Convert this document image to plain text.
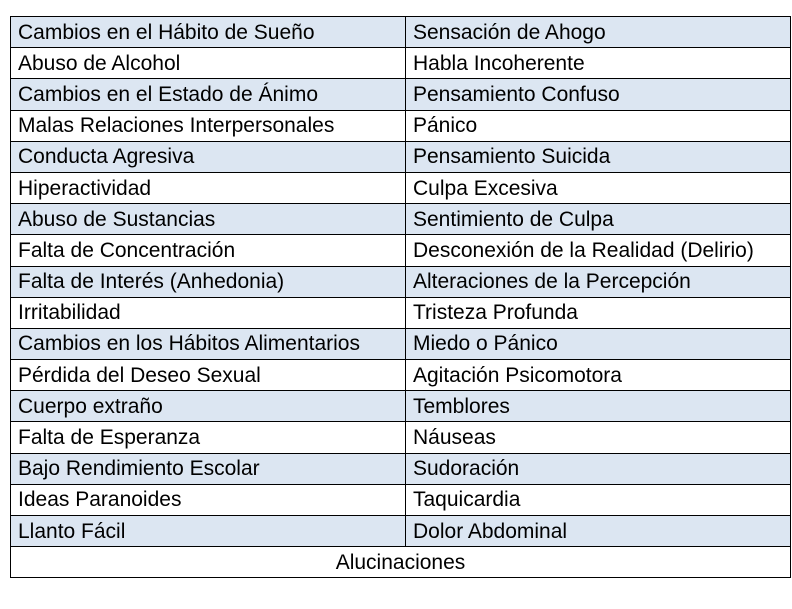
Cambios en el Hábito de Sueño	Sensación de Ahogo
Abuso de Alcohol	Habla Incoherente
Cambios en el Estado de Ánimo	Pensamiento Confuso
Malas Relaciones Interpersonales	Pánico
Conducta Agresiva	Pensamiento Suicida
Hiperactividad	Culpa Excesiva
Abuso de Sustancias	Sentimiento de Culpa
Falta de Concentración	Desconexión de la Realidad (Delirio)
Falta de Interés (Anhedonia)	Alteraciones de la Percepción
Irritabilidad	Tristeza Profunda
Cambios en los Hábitos Alimentarios	Miedo o Pánico
Pérdida del Deseo Sexual	Agitación Psicomotora
Cuerpo extraño	Temblores
Falta de Esperanza	Náuseas
Bajo Rendimiento Escolar	Sudoración
Ideas Paranoides	Taquicardia
Llanto Fácil	Dolor Abdominal
Alucinaciones	
